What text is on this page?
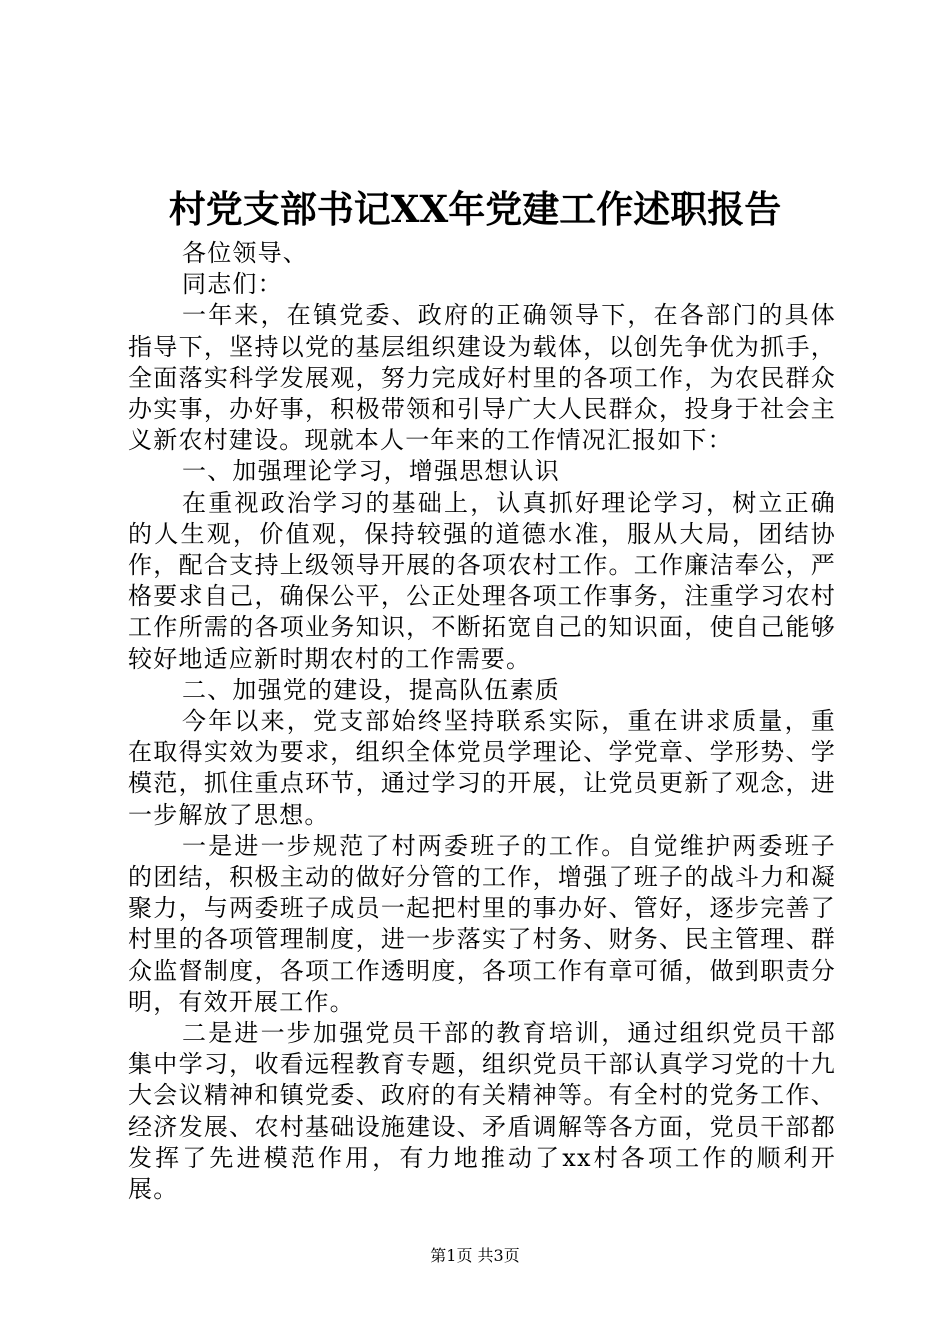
村党支部书记XX年党建工作述职报告

各位领导、

同志们：

一年来，在镇党委、政府的正确领导下，在各部门的具体指导下，坚持以党的基层组织建设为载体，以创先争优为抓手，全面落实科学发展观，努力完成好村里的各项工作，为农民群众办实事，办好事，积极带领和引导广大人民群众，投身于社会主义新农村建设。现就本人一年来的工作情况汇报如下：

一、加强理论学习，增强思想认识

在重视政治学习的基础上，认真抓好理论学习，树立正确的人生观，价值观，保持较强的道德水准，服从大局，团结协作，配合支持上级领导开展的各项农村工作。工作廉洁奉公，严格要求自己，确保公平，公正处理各项工作事务，注重学习农村工作所需的各项业务知识，不断拓宽自己的知识面，使自己能够较好地适应新时期农村的工作需要。

二、加强党的建设，提高队伍素质

今年以来，党支部始终坚持联系实际，重在讲求质量，重在取得实效为要求，组织全体党员学理论、学党章、学形势、学模范，抓住重点环节，通过学习的开展，让党员更新了观念，进一步解放了思想。

一是进一步规范了村两委班子的工作。自觉维护两委班子的团结，积极主动的做好分管的工作，增强了班子的战斗力和凝聚力，与两委班子成员一起把村里的事办好、管好，逐步完善了村里的各项管理制度，进一步落实了村务、财务、民主管理、群众监督制度，各项工作透明度，各项工作有章可循，做到职责分明，有效开展工作。

二是进一步加强党员干部的教育培训，通过组织党员干部集中学习，收看远程教育专题，组织党员干部认真学习党的十九大会议精神和镇党委、政府的有关精神等。有全村的党务工作、经济发展、农村基础设施建设、矛盾调解等各方面，党员干部都发挥了先进模范作用，有力地推动了xx村各项工作的顺利开展。

第1页 共3页
